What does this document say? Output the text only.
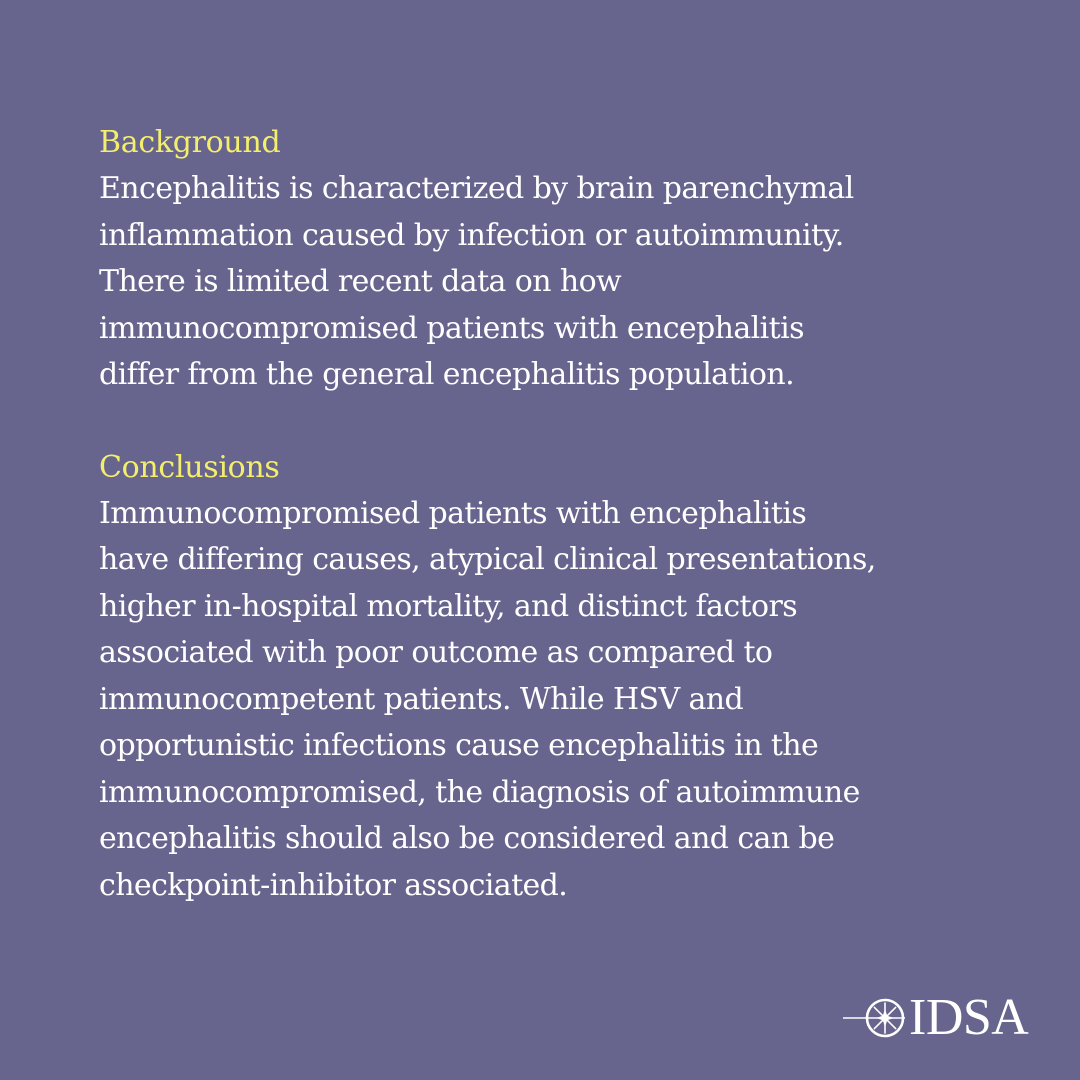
Background
Encephalitis is characterized by brain parenchymal
inflammation caused by infection or autoimmunity.
There is limited recent data on how
immunocompromised patients with encephalitis
differ from the general encephalitis population.
Conclusions
Immunocompromised patients with encephalitis
have differing causes, atypical clinical presentations,
higher in-hospital mortality, and distinct factors
associated with poor outcome as compared to
immunocompetent patients. While HSV and
opportunistic infections cause encephalitis in the
immunocompromised, the diagnosis of autoimmune
encephalitis should also be considered and can be
checkpoint-inhibitor associated.
IDSA
